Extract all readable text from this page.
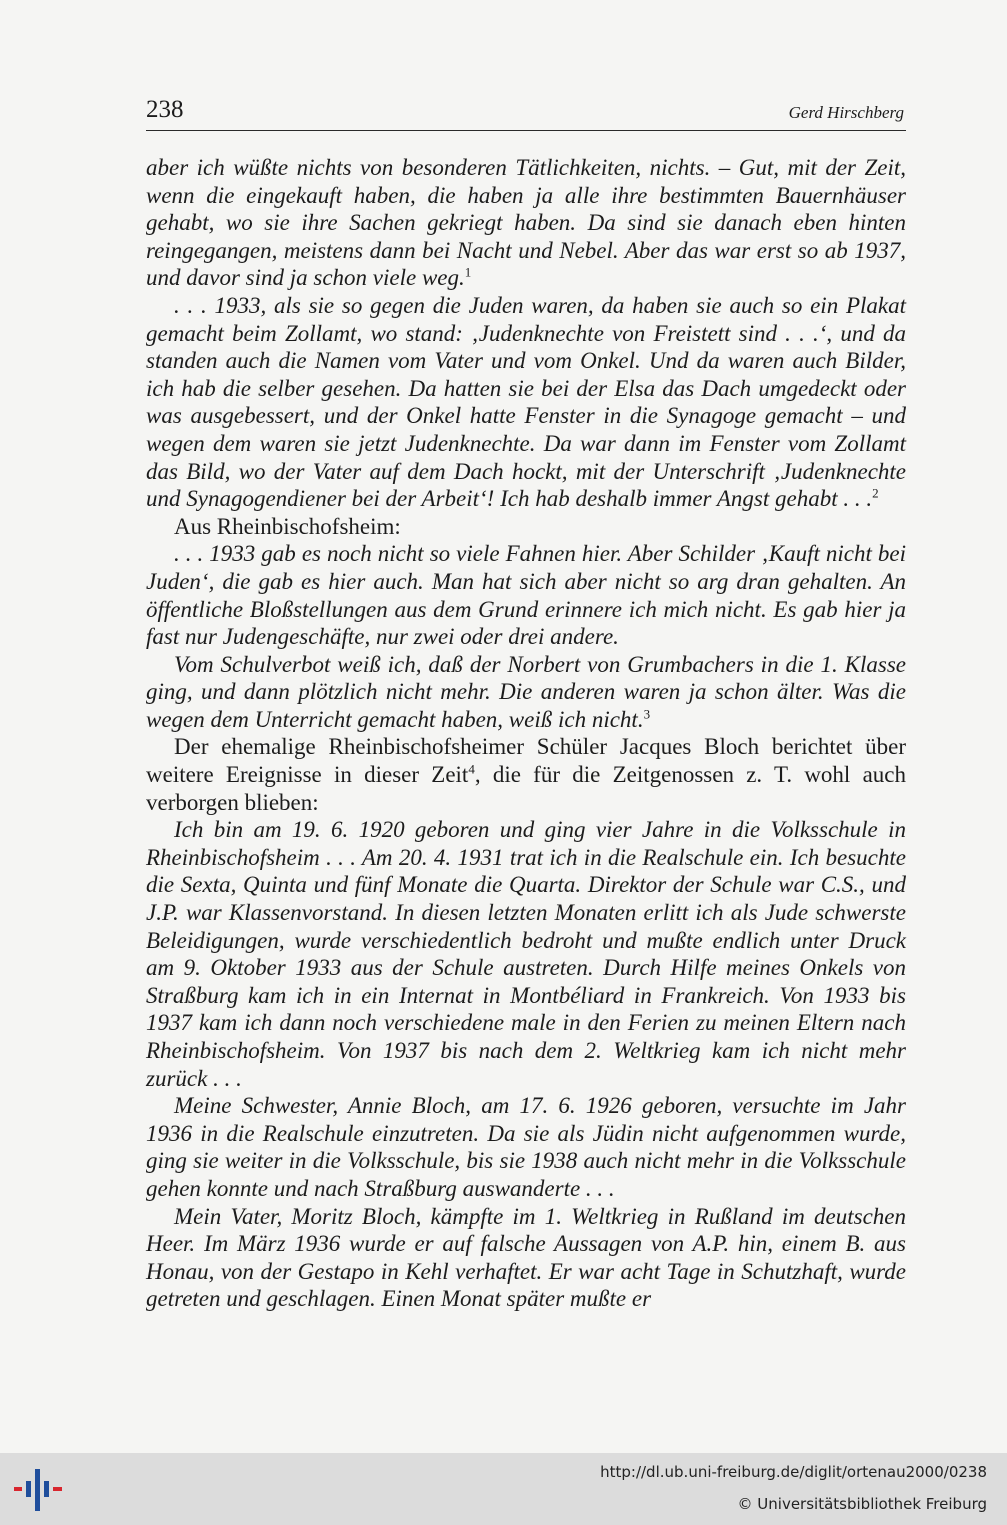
238	Gerd Hirschberg

aber ich wüßte nichts von besonderen Tätlichkeiten, nichts. – Gut, mit der Zeit, wenn die eingekauft haben, die haben ja alle ihre bestimmten Bauernhäuser gehabt, wo sie ihre Sachen gekriegt haben. Da sind sie danach eben hinten reingegangen, meistens dann bei Nacht und Nebel. Aber das war erst so ab 1937, und davor sind ja schon viele weg.$^1$

. . . 1933, als sie so gegen die Juden waren, da haben sie auch so ein Plakat gemacht beim Zollamt, wo stand: ‚Judenknechte von Freistett sind . . .‘, und da standen auch die Namen vom Vater und vom Onkel. Und da waren auch Bilder, ich hab die selber gesehen. Da hatten sie bei der Elsa das Dach umgedeckt oder was ausgebessert, und der Onkel hatte Fenster in die Synagoge gemacht – und wegen dem waren sie jetzt Judenknechte. Da war dann im Fenster vom Zollamt das Bild, wo der Vater auf dem Dach hockt, mit der Unterschrift ‚Judenknechte und Synagogendiener bei der Arbeit‘! Ich hab deshalb immer Angst gehabt . . .$^2$

Aus Rheinbischofsheim:

. . . 1933 gab es noch nicht so viele Fahnen hier. Aber Schilder ‚Kauft nicht bei Juden‘, die gab es hier auch. Man hat sich aber nicht so arg dran gehalten. An öffentliche Bloßstellungen aus dem Grund erinnere ich mich nicht. Es gab hier ja fast nur Judengeschäfte, nur zwei oder drei andere.

Vom Schulverbot weiß ich, daß der Norbert von Grumbachers in die 1. Klasse ging, und dann plötzlich nicht mehr. Die anderen waren ja schon älter. Was die wegen dem Unterricht gemacht haben, weiß ich nicht.$^3$

Der ehemalige Rheinbischofsheimer Schüler Jacques Bloch berichtet über weitere Ereignisse in dieser Zeit$^4$, die für die Zeitgenossen z. T. wohl auch verborgen blieben:

Ich bin am 19. 6. 1920 geboren und ging vier Jahre in die Volksschule in Rheinbischofsheim . . . Am 20. 4. 1931 trat ich in die Realschule ein. Ich besuchte die Sexta, Quinta und fünf Monate die Quarta. Direktor der Schule war C.S., und J.P. war Klassenvorstand. In diesen letzten Monaten erlitt ich als Jude schwerste Beleidigungen, wurde verschiedentlich bedroht und mußte endlich unter Druck am 9. Oktober 1933 aus der Schule austreten. Durch Hilfe meines Onkels von Straßburg kam ich in ein Internat in Montbéliard in Frankreich. Von 1933 bis 1937 kam ich dann noch verschiedene male in den Ferien zu meinen Eltern nach Rheinbischofsheim. Von 1937 bis nach dem 2. Weltkrieg kam ich nicht mehr zurück . . .

Meine Schwester, Annie Bloch, am 17. 6. 1926 geboren, versuchte im Jahr 1936 in die Realschule einzutreten. Da sie als Jüdin nicht aufgenommen wurde, ging sie weiter in die Volksschule, bis sie 1938 auch nicht mehr in die Volksschule gehen konnte und nach Straßburg auswanderte . . .

Mein Vater, Moritz Bloch, kämpfte im 1. Weltkrieg in Rußland im deutschen Heer. Im März 1936 wurde er auf falsche Aussagen von A.P. hin, einem B. aus Honau, von der Gestapo in Kehl verhaftet. Er war acht Tage in Schutzhaft, wurde getreten und geschlagen. Einen Monat später mußte er

http://dl.ub.uni-freiburg.de/diglit/ortenau2000/0238
© Universitätsbibliothek Freiburg
